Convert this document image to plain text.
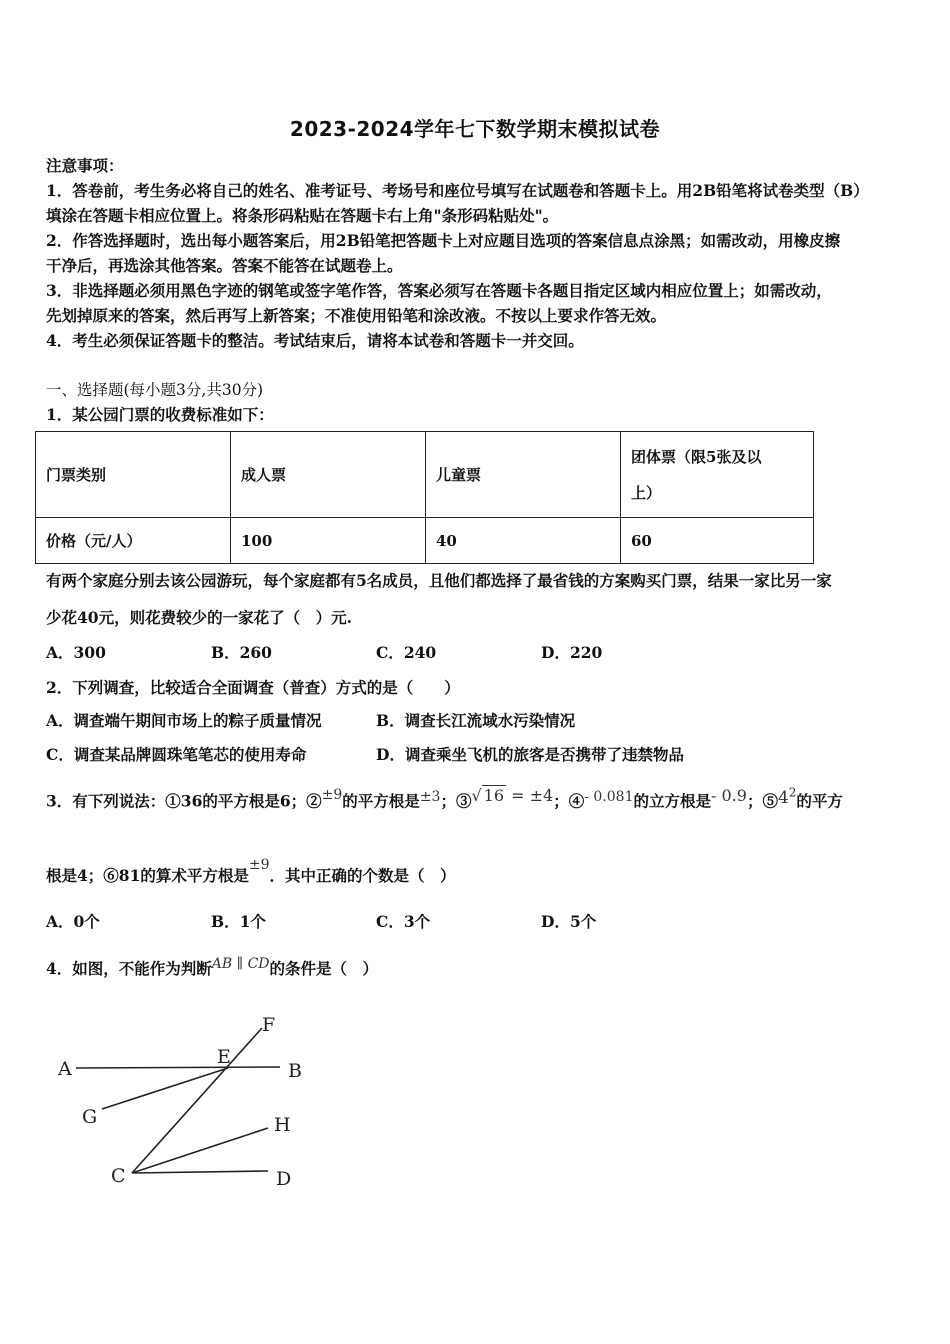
2023-2024学年七下数学期末模拟试卷
注意事项：
1．答卷前，考生务必将自己的姓名、准考证号、考场号和座位号填写在试题卷和答题卡上。用2B铅笔将试卷类型（B）
填涂在答题卡相应位置上。将条形码粘贴在答题卡右上角"条形码粘贴处"。
2．作答选择题时，选出每小题答案后，用2B铅笔把答题卡上对应题目选项的答案信息点涂黑；如需改动，用橡皮擦
干净后，再选涂其他答案。答案不能答在试题卷上。
3．非选择题必须用黑色字迹的钢笔或签字笔作答，答案必须写在答题卡各题目指定区域内相应位置上；如需改动，
先划掉原来的答案，然后再写上新答案；不准使用铅笔和涂改液。不按以上要求作答无效。
4．考生必须保证答题卡的整洁。考试结束后，请将本试卷和答题卡一并交回。
一、选择题(每小题3分,共30分)
1．某公园门票的收费标准如下：
门票类别	成人票	儿童票	团体票（限5张及以
上）

价格（元/人）	100	40	60
有两个家庭分别去该公园游玩，每个家庭都有5名成员，且他们都选择了最省钱的方案购买门票，结果一家比另一家
少花40元，则花费较少的一家花了（　）元.
A．300	B．260	C．240	D．220
2．下列调查，比较适合全面调查（普查）方式的是（　　）
A．调查端午期间市场上的粽子质量情况	B．调查长江流域水污染情况
C．调查某品牌圆珠笔笔芯的使用寿命	D．调查乘坐飞机的旅客是否携带了违禁物品
3．有下列说法：①36的平方根是6；②±9的平方根是±3；③√ 16 = ±4；④- 0.081的立方根是- 0.9；$⑤4^2$的平方
根是4；⑥81的算术平方根是±9．其中正确的个数是（　）
A．0个	B．1个	C．3个	D．5个
4．如图，不能作为判断AB ∥ CD的条件是（　）
A
E
F
B
G	H
C	D
